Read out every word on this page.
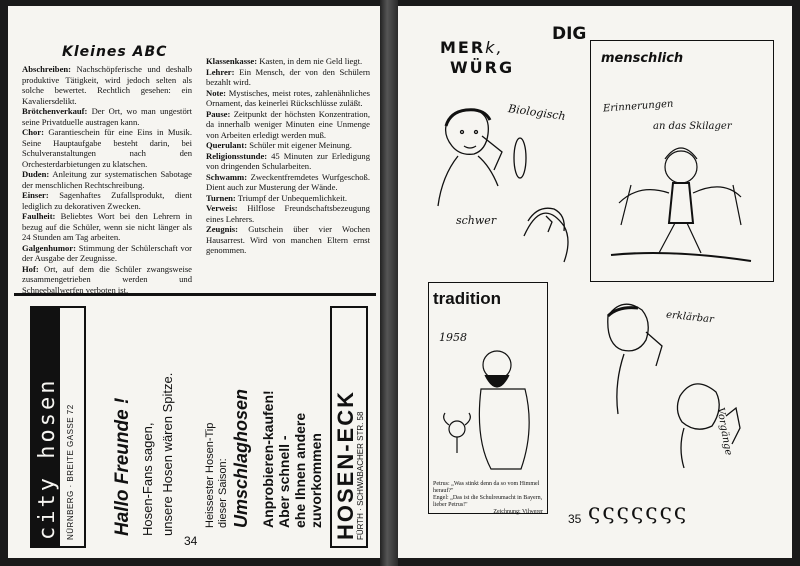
Kleines ABC

Abschreiben: Nachschöpferische und deshalb produktive Tätigkeit, wird jedoch selten als solche bewertet. Rechtlich gesehen: ein Kavaliersdelikt.

Brötchenverkauf: Der Ort, wo man ungestört seine Privatduelle austragen kann.

Chor: Garantieschein für eine Eins in Musik. Seine Hauptaufgabe besteht darin, bei Schulveranstaltungen nach den Orchesterdarbietungen zu klatschen.

Duden: Anleitung zur systematischen Sabotage der menschlichen Rechtschreibung.

Einser: Sagenhaftes Zufallsprodukt, dient lediglich zu dekorativen Zwecken.

Faulheit: Beliebtes Wort bei den Lehrern in bezug auf die Schüler, wenn sie nicht länger als 24 Stunden am Tag arbeiten.

Galgenhumor: Stimmung der Schülerschaft vor der Ausgabe der Zeugnisse.

Hof: Ort, auf dem die Schüler zwangsweise zusammengetrieben werden und Schneeballwerfen verboten ist.

Klassenkasse: Kasten, in dem nie Geld liegt.

Lehrer: Ein Mensch, der von den Schülern bezahlt wird.

Note: Mystisches, meist rotes, zahlenähnliches Ornament, das keinerlei Rückschlüsse zuläßt.

Pause: Zeitpunkt der höchsten Konzentration, da innerhalb weniger Minuten eine Unmenge von Arbeiten erledigt werden muß.

Querulant: Schüler mit eigener Meinung.

Religionsstunde: 45 Minuten zur Erledigung von dringenden Schularbeiten.

Schwamm: Zweckentfremdetes Wurfgeschoß. Dient auch zur Musterung der Wände.

Turnen: Triumpf der Unbequemlichkeit.

Verweis: Hilflose Freundschaftsbezeugung eines Lehrers.

Zeugnis: Gutschein über vier Wochen Hausarrest. Wird von manchen Eltern ernst genommen.

city hosen NÜRNBERG · BREITE GASSE 72 Hallo Freunde ! Hosen-Fans sagen, unsere Hosen wären Spitze.	Heissester Hosen-Tip dieser Saison: Umschlaghosen Anprobieren-kaufen! Aber schnell - ehe Ihnen andere zuvorkommen HOSEN-ECK
FÜRTH · SCHWABACHER STR. 58
34
MERk,
WÜRG
DIG
Biologisch
schwer
menschlich
Erinnerungen
an das Skilager
tradition
1958
Petrus: „Was stinkt denn da so vom Himmel herauf?"
Engel: „Das ist die Schulreumacht in Bayern, lieber Petrus!"
Zeichnung: Vilwerer
erklärbar
Vorgänge
35 ςςςςςςς
